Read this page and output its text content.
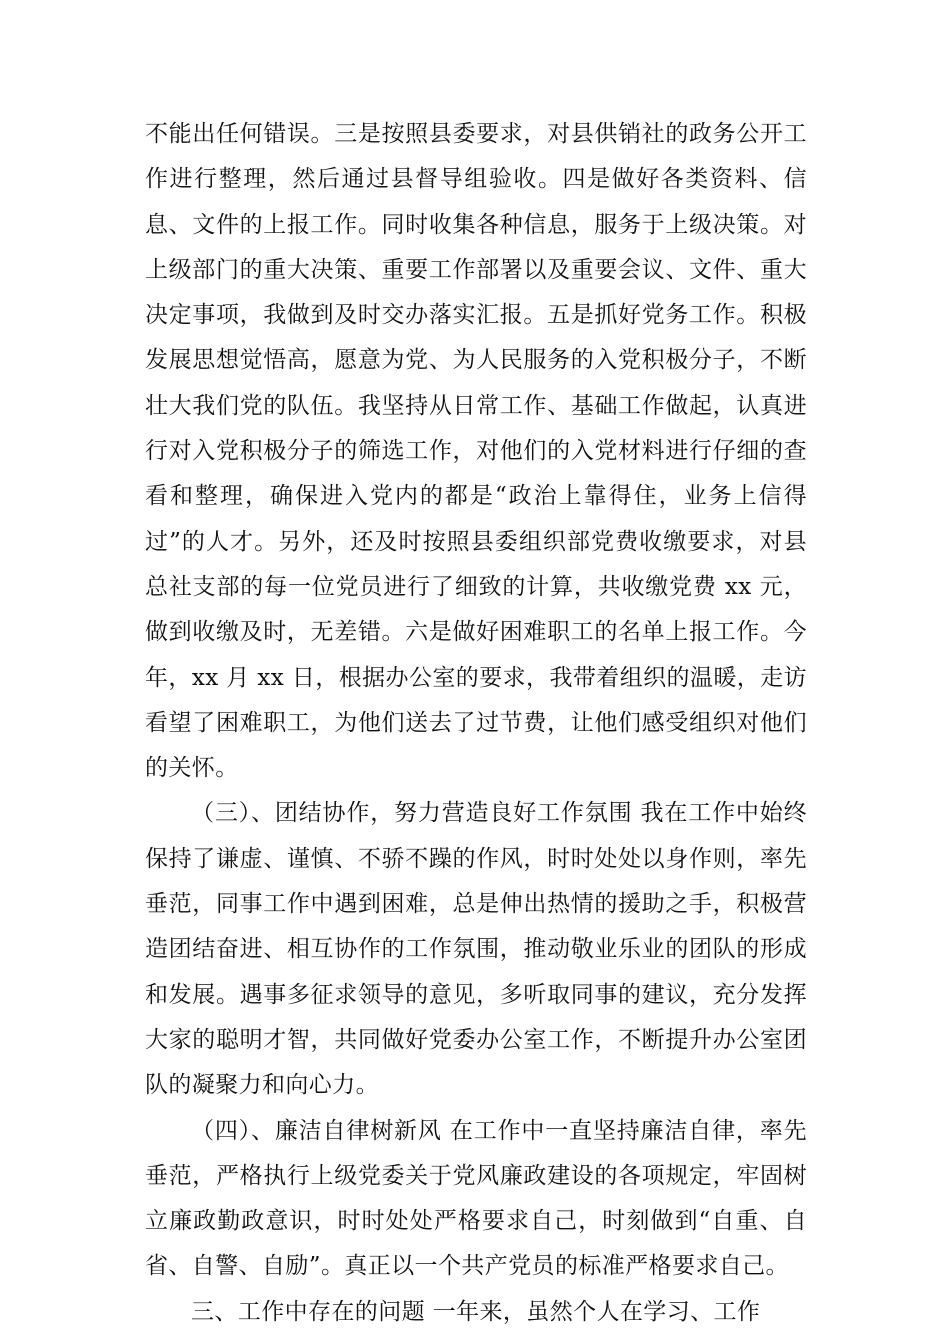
不能出任何错误。三是按照县委要求，对县供销社的政务公开工作进行整理，然后通过县督导组验收。四是做好各类资料、信息、文件的上报工作。同时收集各种信息，服务于上级决策。对上级部门的重大决策、重要工作部署以及重要会议、文件、重大决定事项，我做到及时交办落实汇报。五是抓好党务工作。积极发展思想觉悟高，愿意为党、为人民服务的入党积极分子，不断壮大我们党的队伍。我坚持从日常工作、基础工作做起，认真进行对入党积极分子的筛选工作，对他们的入党材料进行仔细的查看和整理，确保进入党内的都是“政治上靠得住，业务上信得过”的人才。另外，还及时按照县委组织部党费收缴要求，对县总社支部的每一位党员进行了细致的计算，共收缴党费 xx 元，做到收缴及时，无差错。六是做好困难职工的名单上报工作。今年，xx 月 xx 日，根据办公室的要求，我带着组织的温暖，走访看望了困难职工，为他们送去了过节费，让他们感受组织对他们的关怀。

（三）、团结协作，努力营造良好工作氛围 我在工作中始终保持了谦虚、谨慎、不骄不躁的作风，时时处处以身作则，率先垂范，同事工作中遇到困难，总是伸出热情的援助之手，积极营造团结奋进、相互协作的工作氛围，推动敬业乐业的团队的形成和发展。遇事多征求领导的意见，多听取同事的建议，充分发挥大家的聪明才智，共同做好党委办公室工作，不断提升办公室团队的凝聚力和向心力。

（四）、廉洁自律树新风 在工作中一直坚持廉洁自律，率先垂范，严格执行上级党委关于党风廉政建设的各项规定，牢固树立廉政勤政意识，时时处处严格要求自己，时刻做到“自重、自省、自警、自励”。真正以一个共产党员的标准严格要求自己。

三、工作中存在的问题 一年来，虽然个人在学习、工作
